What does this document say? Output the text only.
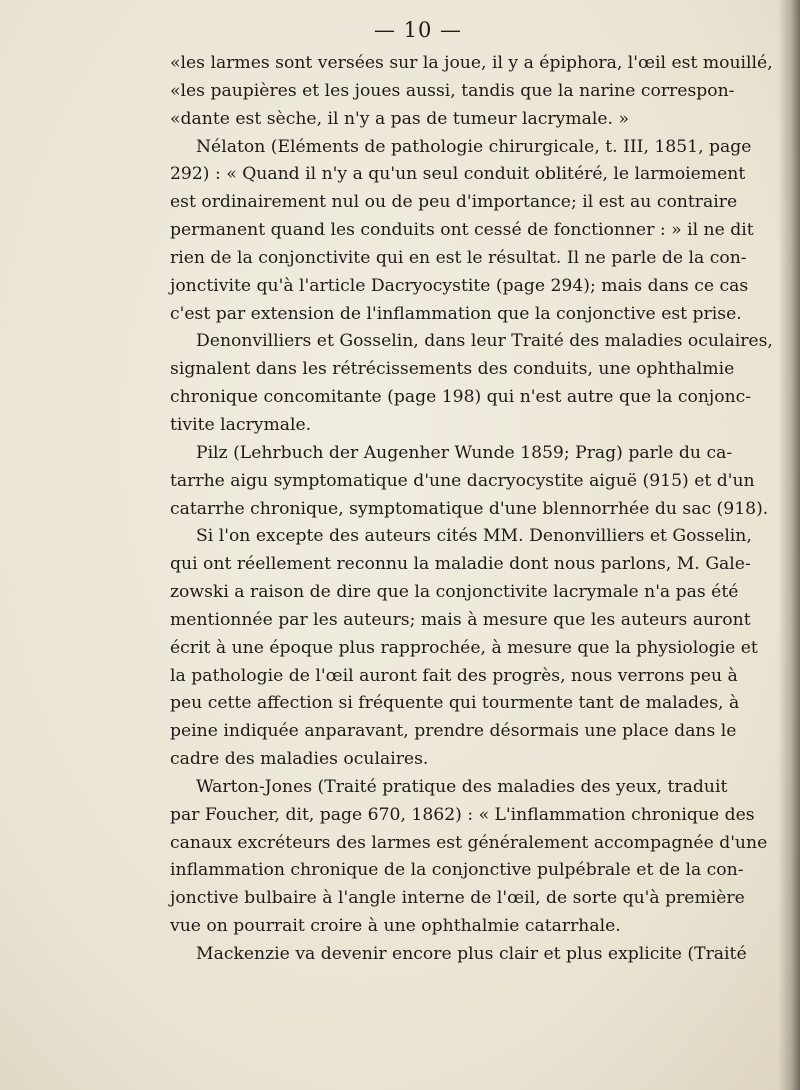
— 10 —
«les larmes sont versées sur la joue, il y a épiphora, l'œil est mouillé,
«les paupières et les joues aussi, tandis que la narine correspon-
«dante est sèche, il n'y a pas de tumeur lacrymale. »
Nélaton (Eléments de pathologie chirurgicale, t. III, 1851, page
292) : « Quand il n'y a qu'un seul conduit oblitéré, le larmoiement
est ordinairement nul ou de peu d'importance; il est au contraire
permanent quand les conduits ont cessé de fonctionner : » il ne dit
rien de la conjonctivite qui en est le résultat. Il ne parle de la con-
jonctivite qu'à l'article Dacryocystite (page 294); mais dans ce cas
c'est par extension de l'inflammation que la conjonctive est prise.
Denonvilliers et Gosselin, dans leur Traité des maladies oculaires,
signalent dans les rétrécissements des conduits, une ophthalmie
chronique concomitante (page 198) qui n'est autre que la conjonc-
tivite lacrymale.
Pilz (Lehrbuch der Augenher Wunde 1859; Prag) parle du ca-
tarrhe aigu symptomatique d'une dacryocystite aiguë (915) et d'un
catarrhe chronique, symptomatique d'une blennorrhée du sac (918).
Si l'on excepte des auteurs cités MM. Denonvilliers et Gosselin,
qui ont réellement reconnu la maladie dont nous parlons, M. Gale-
zowski a raison de dire que la conjonctivite lacrymale n'a pas été
mentionnée par les auteurs; mais à mesure que les auteurs auront
écrit à une époque plus rapprochée, à mesure que la physiologie et
la pathologie de l'œil auront fait des progrès, nous verrons peu à
peu cette affection si fréquente qui tourmente tant de malades, à
peine indiquée anparavant, prendre désormais une place dans le
cadre des maladies oculaires.
Warton-Jones (Traité pratique des maladies des yeux, traduit
par Foucher, dit, page 670, 1862) : « L'inflammation chronique des
canaux excréteurs des larmes est généralement accompagnée d'une
inflammation chronique de la conjonctive pulpébrale et de la con-
jonctive bulbaire à l'angle interne de l'œil, de sorte qu'à première
vue on pourrait croire à une ophthalmie catarrhale.
Mackenzie va devenir encore plus clair et plus explicite (Traité
